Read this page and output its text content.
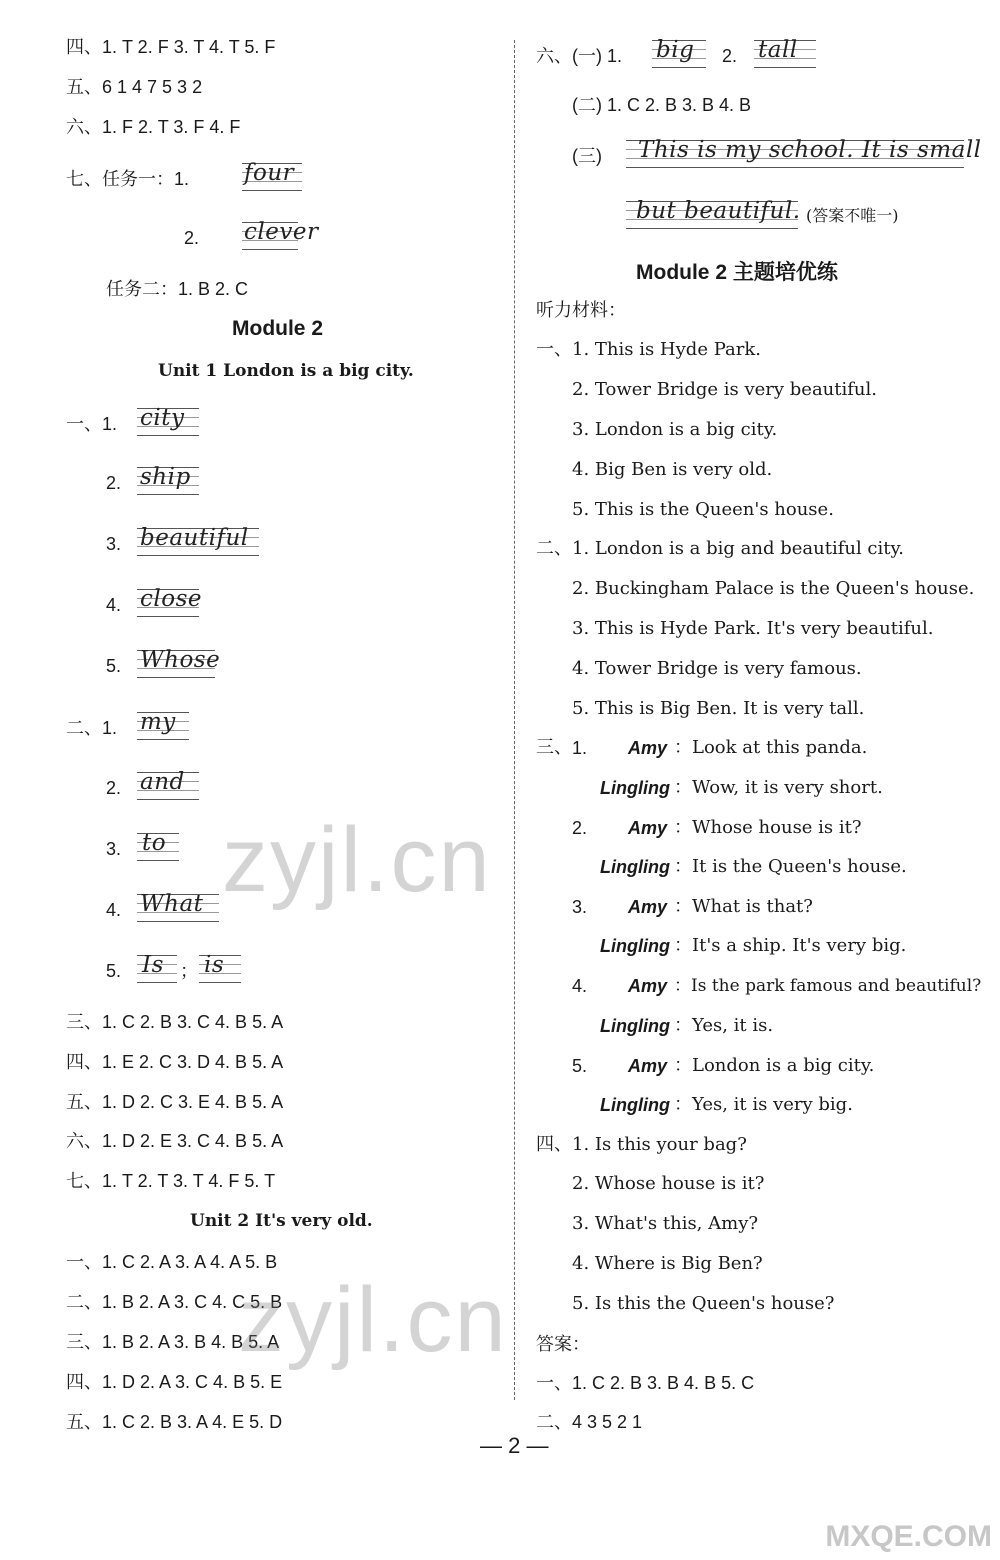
四、1. T 2. F 3. T 4. T 5. F
五、6 1 4 7 5 3 2
六、1. F 2. T 3. F 4. F
七、任务一：1. four
2. clever
任务二：1. B 2. C
Module 2
Unit 1 London is a big city.
一、1. city
2. ship
3. beautiful
4. close
5. Whose
二、1. my
2. and
3. to
4. What
5. Is ； is
三、1. C 2. B 3. C 4. B 5. A
四、1. E 2. C 3. D 4. B 5. A
五、1. D 2. C 3. E 4. B 5. A
六、1. D 2. E 3. C 4. B 5. A
七、1. T 2. T 3. T 4. F 5. T
Unit 2 It's very old.
一、1. C 2. A 3. A 4. A 5. B
二、1. B 2. A 3. C 4. C 5. B
三、1. B 2. A 3. B 4. B 5. A
四、1. D 2. A 3. C 4. B 5. E
五、1. C 2. B 3. A 4. E 5. D
六、(一) 1. big 2. tall
(二) 1. C 2. B 3. B 4. B
(三) This is my school. It is small
but beautiful. (答案不唯一)
Module 2 主题培优练
听力材料：
一、 1. This is Hyde Park.
2. Tower Bridge is very beautiful.
3. London is a big city.
4. Big Ben is very old.
5. This is the Queen's house.
二、 1. London is a big and beautiful city.
2. Buckingham Palace is the Queen's house.
3. This is Hyde Park. It's very beautiful.
4. Tower Bridge is very famous.
5. This is Big Ben. It is very tall.
三、 1. Amy ：Look at this panda.
Lingling ：Wow, it is very short.
2. Amy ：Whose house is it?
Lingling ：It is the Queen's house.
3. Amy ：What is that?
Lingling ：It's a ship. It's very big.
4. Amy ：Is the park famous and beautiful?
Lingling ：Yes, it is.
5. Amy ：London is a big city.
Lingling ：Yes, it is very big.
四、 1. Is this your bag?
2. Whose house is it?
3. What's this, Amy?
4. Where is Big Ben?
5. Is this the Queen's house?
答案：
一、1. C 2. B 3. B 4. B 5. C
二、4 3 5 2 1
zyjl.cn
zyjl.cn
— 2 —
MXQE.COM
